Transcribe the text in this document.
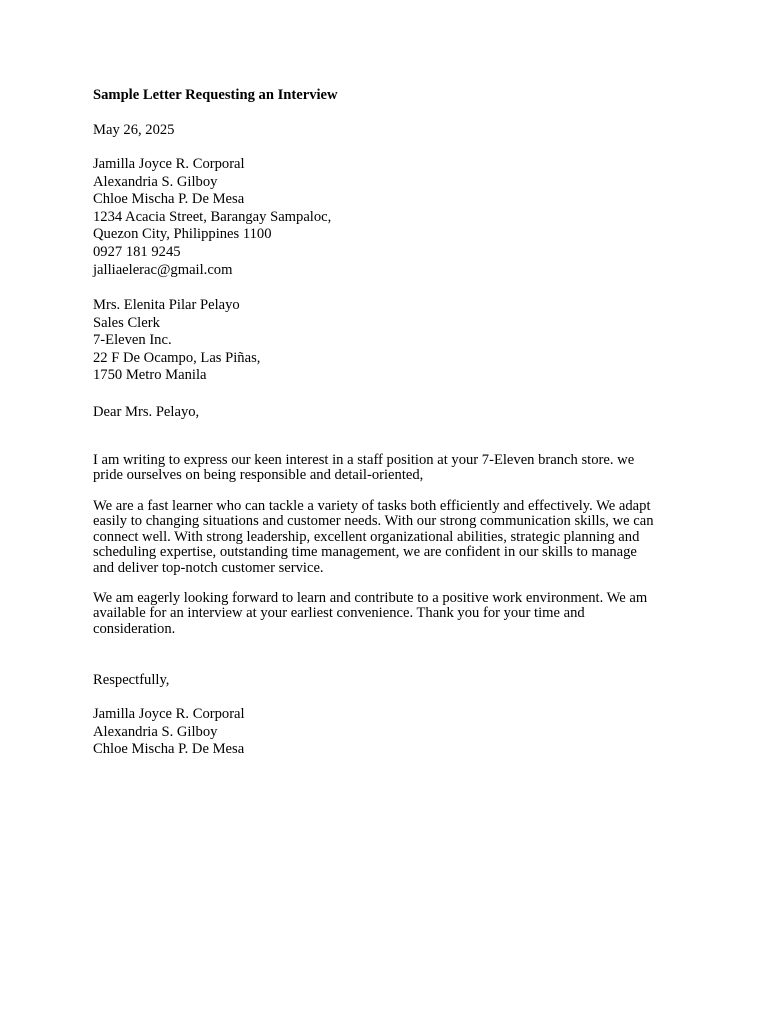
Sample Letter Requesting an Interview
May 26, 2025
Jamilla Joyce R. Corporal
Alexandria S. Gilboy
Chloe Mischa P. De Mesa
1234 Acacia Street, Barangay Sampaloc,
Quezon City, Philippines 1100
0927 181 9245
jalliaelerac@gmail.com
Mrs. Elenita Pilar Pelayo
Sales Clerk
7-Eleven Inc.
22 F De Ocampo, Las Piñas,
1750 Metro Manila
Dear Mrs. Pelayo,

I am writing to express our keen interest in a staff position at your 7-Eleven branch store. we pride ourselves on being responsible and detail-oriented,

We are a fast learner who can tackle a variety of tasks both efficiently and effectively. We adapt easily to changing situations and customer needs. With our strong communication skills, we can connect well. With strong leadership, excellent organizational abilities, strategic planning and scheduling expertise, outstanding time management, we are confident in our skills to manage and deliver top-notch customer service.

We am eagerly looking forward to learn and contribute to a positive work environment. We am available for an interview at your earliest convenience. Thank you for your time and consideration.

Respectfully,
Jamilla Joyce R. Corporal
Alexandria S. Gilboy
Chloe Mischa P. De Mesa
